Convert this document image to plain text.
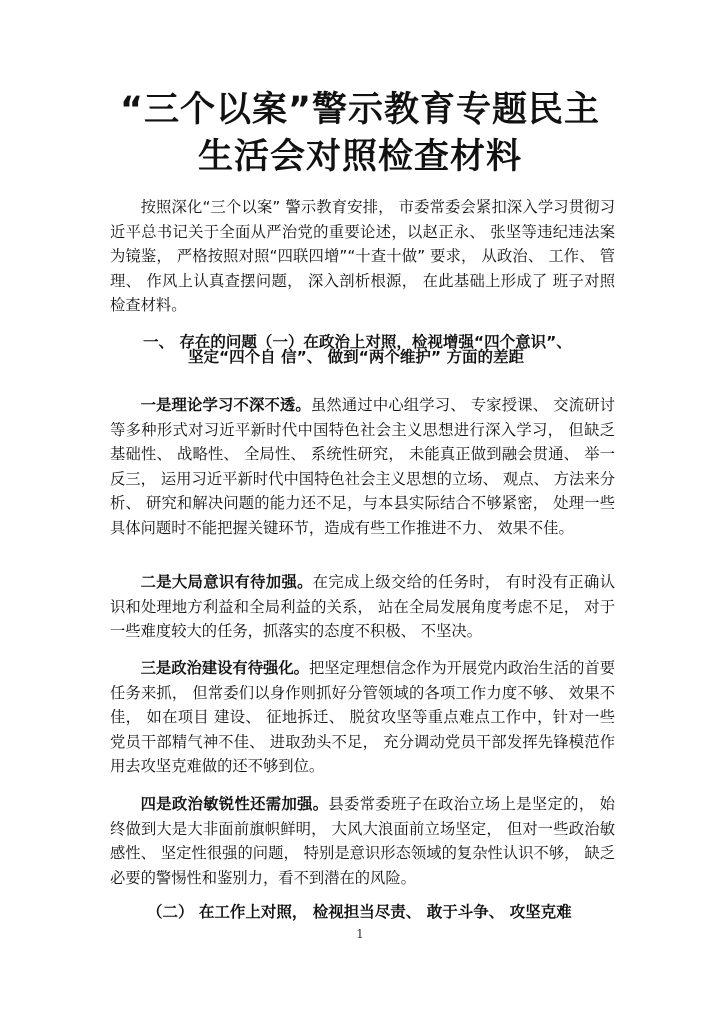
“三个以案”警示教育专题民主
生活会对照检查材料

按照深化“三个以案” 警示教育安排， 市委常委会紧扣深入学习贯彻习近平总书记关于全面从严治党的重要论述，以赵正永、 张坚等违纪违法案为镜鉴， 严格按照对照“四联四增”“十查十做” 要求， 从政治、 工作、 管理、 作风上认真查摆问题， 深入剖析根源， 在此基础上形成了 班子对照检查材料。

一、 存在的问题（一）在政治上对照，检视增强“四个意识”、

坚定“四个自 信”、 做到“两个维护” 方面的差距

一是理论学习不深不透。虽然通过中心组学习、 专家授课、 交流研讨等多种形式对习近平新时代中国特色社会主义思想进行深入学习， 但缺乏基础性、 战略性、 全局性、 系统性研究， 未能真正做到融会贯通、 举一反三， 运用习近平新时代中国特色社会主义思想的立场、 观点、 方法来分析、 研究和解决问题的能力还不足，与本县实际结合不够紧密， 处理一些具体问题时不能把握关键环节，造成有些工作推进不力、 效果不佳。

二是大局意识有待加强。在完成上级交给的任务时， 有时没有正确认识和处理地方利益和全局利益的关系， 站在全局发展角度考虑不足， 对于一些难度较大的任务，抓落实的态度不积极、 不坚决。

三是政治建设有待强化。把坚定理想信念作为开展党内政治生活的首要任务来抓， 但常委们以身作则抓好分管领域的各项工作力度不够、 效果不佳， 如在项目 建设、 征地拆迁、 脱贫攻坚等重点难点工作中，针对一些党员干部精气神不佳、 进取劲头不足， 充分调动党员干部发挥先锋模范作用去攻坚克难做的还不够到位。

四是政治敏锐性还需加强。县委常委班子在政治立场上是坚定的， 始终做到大是大非面前旗帜鲜明， 大风大浪面前立场坚定， 但对一些政治敏感性、 坚定性很强的问题， 特别是意识形态领域的复杂性认识不够， 缺乏必要的警惕性和鉴别力，看不到潜在的风险。

（二） 在工作上对照， 检视担当尽责、 敢于斗争、 攻坚克难

1
